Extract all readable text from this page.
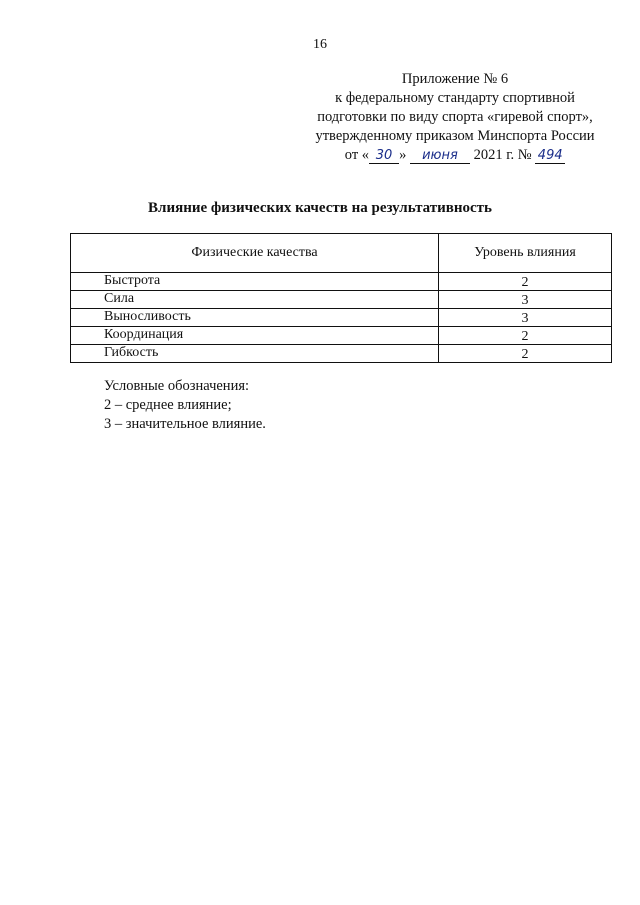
16
Приложение № 6
к федеральному стандарту спортивной
подготовки по виду спорта «гиревой спорт»,
утвержденному приказом Минспорта России
от « 30 » июня 2021 г. № 494
Влияние физических качеств на результативность
Физические качества	Уровень влияния
Быстрота	2
Сила	3
Выносливость	3
Координация	2
Гибкость	2
Условные обозначения:
2 – среднее влияние;
3 – значительное влияние.
